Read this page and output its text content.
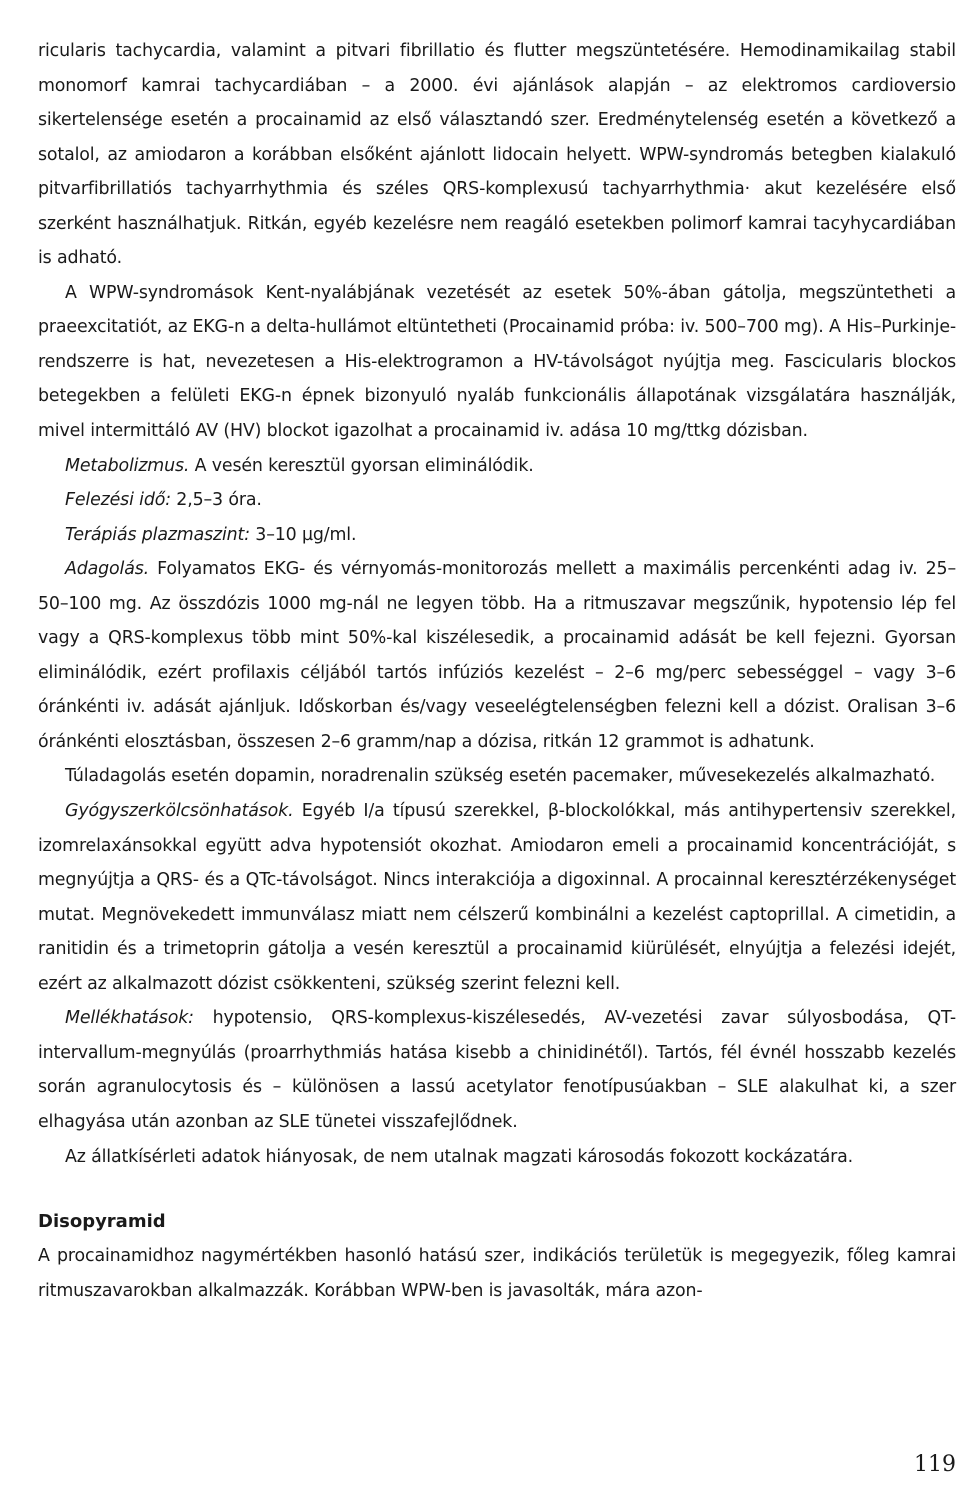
ricularis tachycardia, valamint a pitvari fibrillatio és flutter megszüntetésére. Hemodinamikailag stabil monomorf kamrai tachycardiában – a 2000. évi ajánlások alapján – az elektromos cardioversio sikertelensége esetén a procainamid az első választandó szer. Eredménytelenség esetén a következő a sotalol, az amiodaron a korábban elsőként ajánlott lidocain helyett. WPW-syndromás betegben kialakuló pitvarfibrillatiós tachyarrhythmia és széles QRS-komplexusú tachyarrhythmia· akut kezelésére első szerként használhatjuk. Ritkán, egyéb kezelésre nem reagáló esetekben polimorf kamrai tacyhycardiában is adható.

A WPW-syndromások Kent-nyalábjának vezetését az esetek 50%-ában gátolja, megszüntetheti a praeexcitatiót, az EKG-n a delta-hullámot eltüntetheti (Procainamid próba: iv. 500–700 mg). A His–Purkinje-rendszerre is hat, nevezetesen a His-elektrogramon a HV-távolságot nyújtja meg. Fascicularis blockos betegekben a felületi EKG-n épnek bizonyuló nyaláb funkcionális állapotának vizsgálatára használják, mivel intermittáló AV (HV) blockot igazolhat a procainamid iv. adása 10 mg/ttkg dózisban.

Metabolizmus. A vesén keresztül gyorsan eliminálódik.

Felezési idő: 2,5–3 óra.

Terápiás plazmaszint: 3–10 µg/ml.

Adagolás. Folyamatos EKG- és vérnyomás-monitorozás mellett a maximális percenkénti adag iv. 25–50–100 mg. Az összdózis 1000 mg-nál ne legyen több. Ha a ritmuszavar megszűnik, hypotensio lép fel vagy a QRS-komplexus több mint 50%-kal kiszélesedik, a procainamid adását be kell fejezni. Gyorsan eliminálódik, ezért profilaxis céljából tartós infúziós kezelést – 2–6 mg/perc sebességgel – vagy 3–6 óránkénti iv. adását ajánljuk. Időskorban és/vagy veseelégtelenségben felezni kell a dózist. Oralisan 3–6 óránkénti elosztásban, összesen 2–6 gramm/nap a dózisa, ritkán 12 grammot is adhatunk.

Túladagolás esetén dopamin, noradrenalin szükség esetén pacemaker, művesekezelés alkalmazható.

Gyógyszerkölcsönhatások. Egyéb I/a típusú szerekkel, β-blockolókkal, más antihypertensiv szerekkel, izomrelaxánsokkal együtt adva hypotensiót okozhat. Amiodaron emeli a procainamid koncentrációját, s megnyújtja a QRS- és a QTc-távolságot. Nincs interakciója a digoxinnal. A procainnal keresztérzékenységet mutat. Megnövekedett immunválasz miatt nem célszerű kombinálni a kezelést captoprillal. A cimetidin, a ranitidin és a trimetoprin gátolja a vesén keresztül a procainamid kiürülését, elnyújtja a felezési idejét, ezért az alkalmazott dózist csökkenteni, szükség szerint felezni kell.

Mellékhatások: hypotensio, QRS-komplexus-kiszélesedés, AV-vezetési zavar súlyosbodása, QT-intervallum-megnyúlás (proarrhythmiás hatása kisebb a chinidinétől). Tartós, fél évnél hosszabb kezelés során agranulocytosis és – különösen a lassú acetylator fenotípusúakban – SLE alakulhat ki, a szer elhagyása után azonban az SLE tünetei visszafejlődnek.

Az állatkísérleti adatok hiányosak, de nem utalnak magzati károsodás fokozott kockázatára.

Disopyramid

A procainamidhoz nagymértékben hasonló hatású szer, indikációs területük is megegyezik, főleg kamrai ritmuszavarokban alkalmazzák. Korábban WPW-ben is javasolták, mára azon-

119
